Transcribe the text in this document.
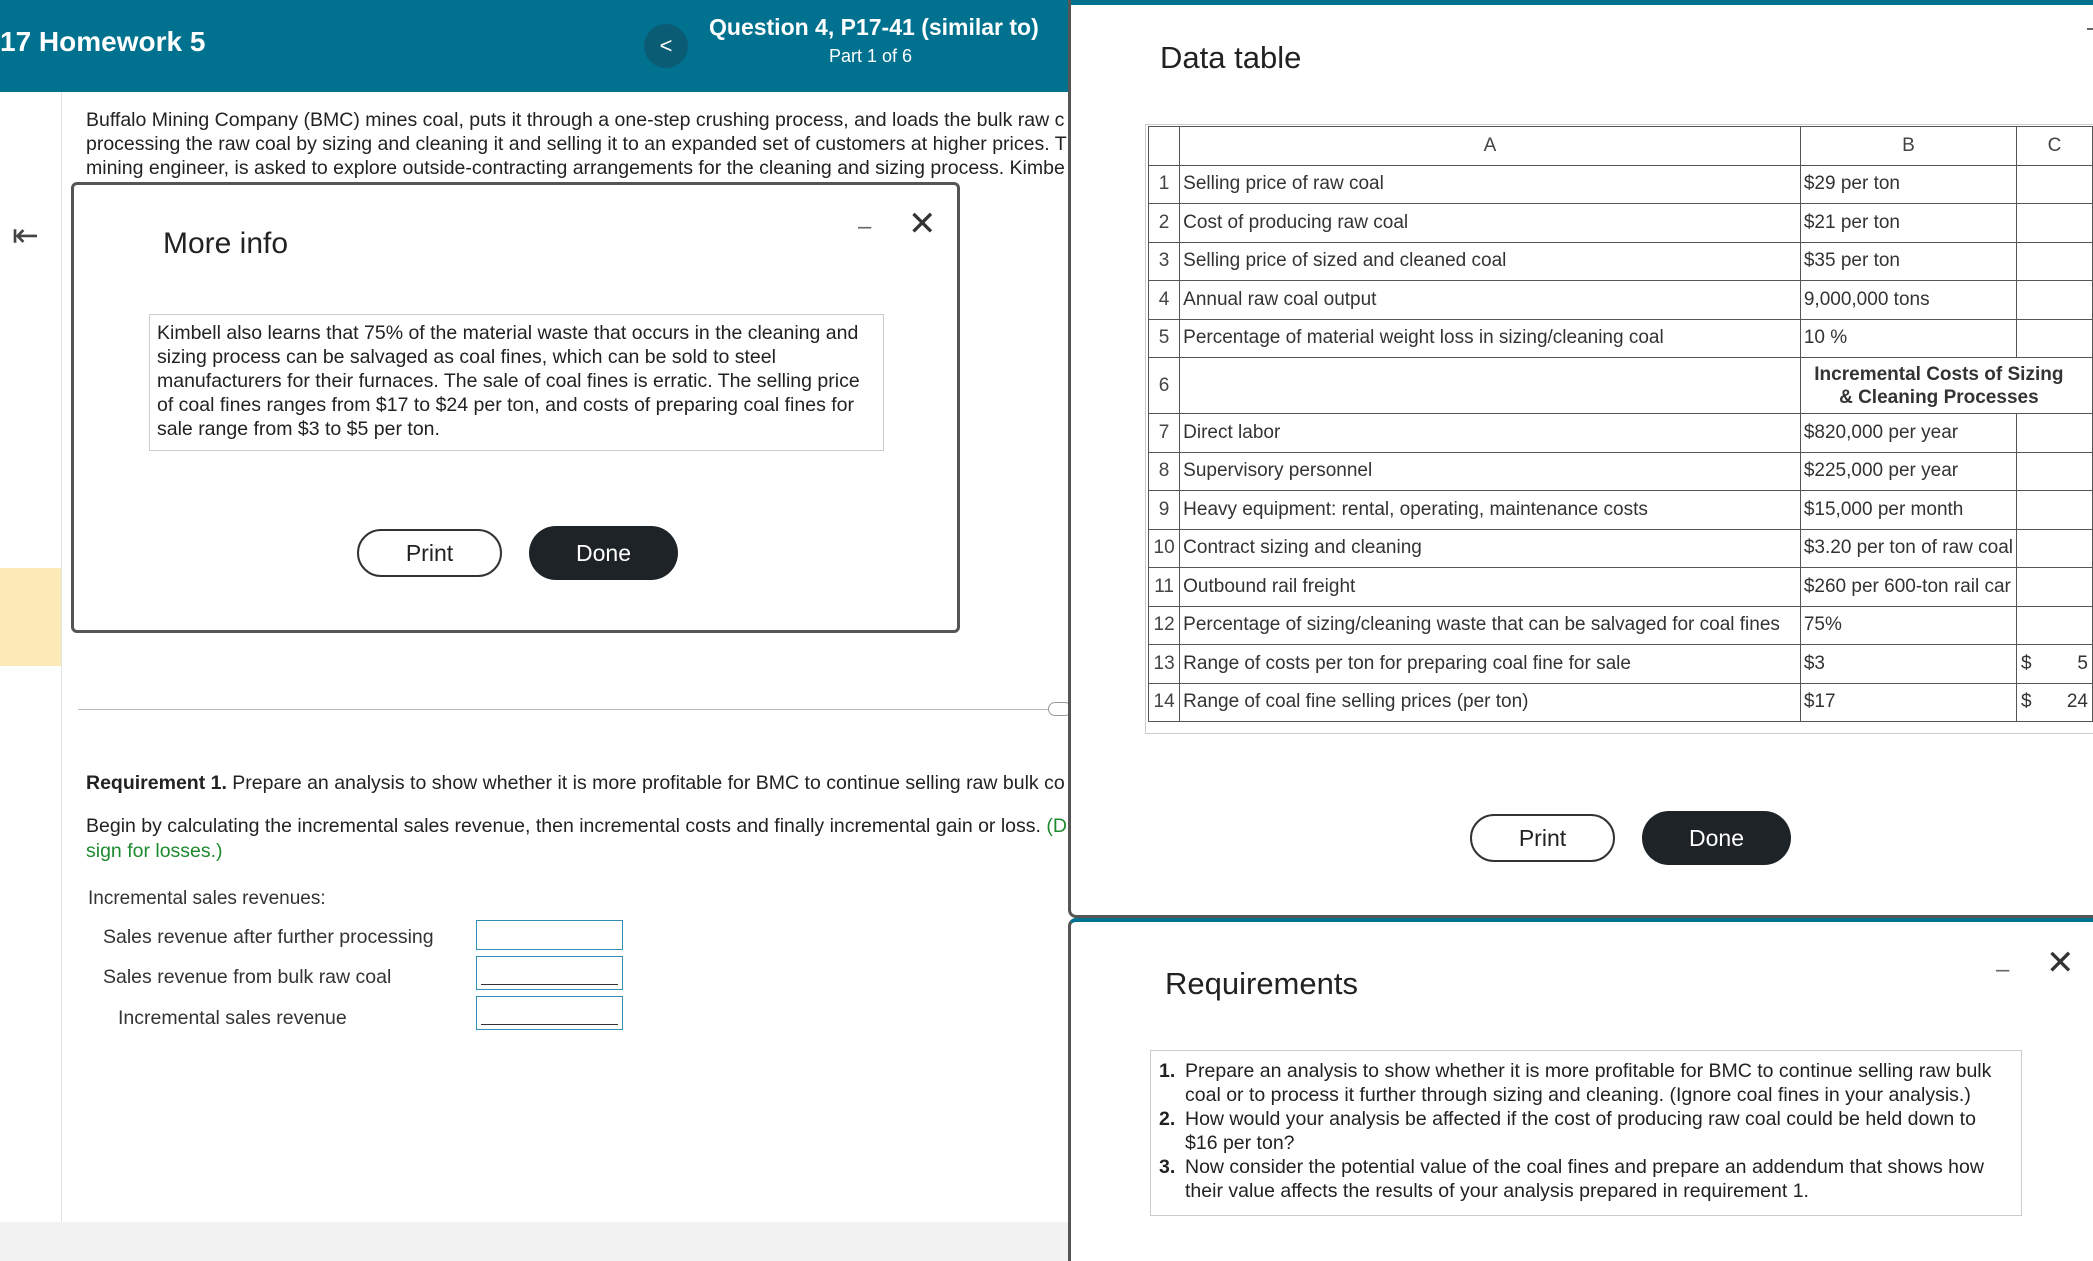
17 Homework 5	<
Question 4, P17-41 (similar to)
Part 1 of 6
⇤
Buffalo Mining Company (BMC) mines coal, puts it through a one-step crushing process, and loads the bulk raw c
processing the raw coal by sizing and cleaning it and selling it to an expanded set of customers at higher prices. T
mining engineer, is asked to explore outside-contracting arrangements for the cleaning and sizing process. Kimbe
Requirement 1. Prepare an analysis to show whether it is more profitable for BMC to continue selling raw bulk co
Begin by calculating the incremental sales revenue, then incremental costs and finally incremental gain or loss. (D
sign for losses.)
Incremental sales revenues:
Sales revenue after further processing
Sales revenue from bulk raw coal
Incremental sales revenue
More info
– ✕
Kimbell also learns that 75% of the material waste that occurs in the cleaning and sizing process can be salvaged as coal fines, which can be sold to steel manufacturers for their furnaces. The sale of coal fines is erratic. The selling price of coal fines ranges from $17 to $24 per ton, and costs of preparing coal fines for sale range from $3 to $5 per ton.
Print	Done
Data table
	A	B	C
1	Selling price of raw coal	$29 per ton	
2	Cost of producing raw coal	$21 per ton	
3	Selling price of sized and cleaned coal	$35 per ton	
4	Annual raw coal output	9,000,000 tons	
5	Percentage of material weight loss in sizing/cleaning coal	10 %	
6		Incremental Costs of Sizing & Cleaning Processes	

7	Direct labor	$820,000 per year	
8	Supervisory personnel	$225,000 per year	
9	Heavy equipment: rental, operating, maintenance costs	$15,000 per month	
10	Contract sizing and cleaning	$3.20 per ton of raw coal	
11	Outbound rail freight	$260 per 600-ton rail car	
12	Percentage of sizing/cleaning waste that can be salvaged for coal fines	75%	
13	Range of costs per ton for preparing coal fine for sale	$3	$ 5

14	Range of coal fine selling prices (per ton)	$17	$ 24
Print	Done
Requirements	– ✕
1. Prepare an analysis to show whether it is more profitable for BMC to continue selling raw bulk coal or to process it further through sizing and cleaning. (Ignore coal fines in your analysis.)
2. How would your analysis be affected if the cost of producing raw coal could be held down to $16 per ton?
3. Now consider the potential value of the coal fines and prepare an addendum that shows how their value affects the results of your analysis prepared in requirement 1.
